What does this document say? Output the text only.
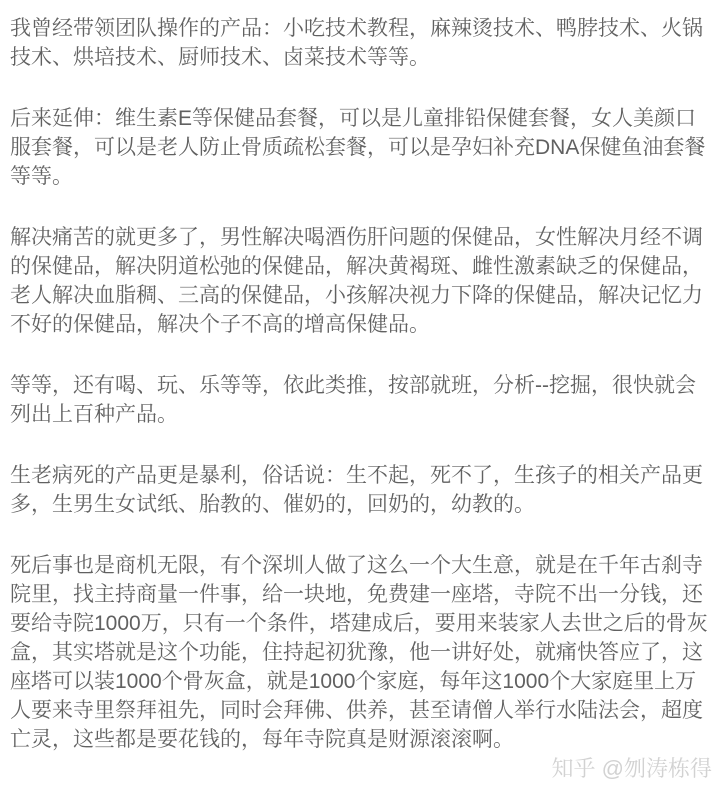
我曾经带领团队操作的产品：小吃技术教程，麻辣烫技术、鸭脖技术、火锅技术、烘培技术、厨师技术、卤菜技术等等。

后来延伸：维生素E等保健品套餐，可以是儿童排铅保健套餐，女人美颜口服套餐，可以是老人防止骨质疏松套餐，可以是孕妇补充DNA保健鱼油套餐等等。

解决痛苦的就更多了，男性解决喝酒伤肝问题的保健品，女性解决月经不调的保健品，解决阴道松弛的保健品，解决黄褐斑、雌性激素缺乏的保健品，老人解决血脂稠、三高的保健品，小孩解决视力下降的保健品，解决记忆力不好的保健品，解决个子不高的增高保健品。

等等，还有喝、玩、乐等等，依此类推，按部就班，分析--挖掘，很快就会列出上百种产品。

生老病死的产品更是暴利，俗话说：生不起，死不了，生孩子的相关产品更多，生男生女试纸、胎教的、催奶的，回奶的，幼教的。

死后事也是商机无限，有个深圳人做了这么一个大生意，就是在千年古刹寺院里，找主持商量一件事，给一块地，免费建一座塔，寺院不出一分钱，还要给寺院1000万，只有一个条件，塔建成后，要用来装家人去世之后的骨灰盒，其实塔就是这个功能，住持起初犹豫，他一讲好处，就痛快答应了，这座塔可以装1000个骨灰盒，就是1000个家庭，每年这1000个大家庭里上万人要来寺里祭拜祖先，同时会拜佛、供养，甚至请僧人举行水陆法会，超度亡灵，这些都是要花钱的，每年寺院真是财源滚滚啊。

知乎 @刎涛栋得
